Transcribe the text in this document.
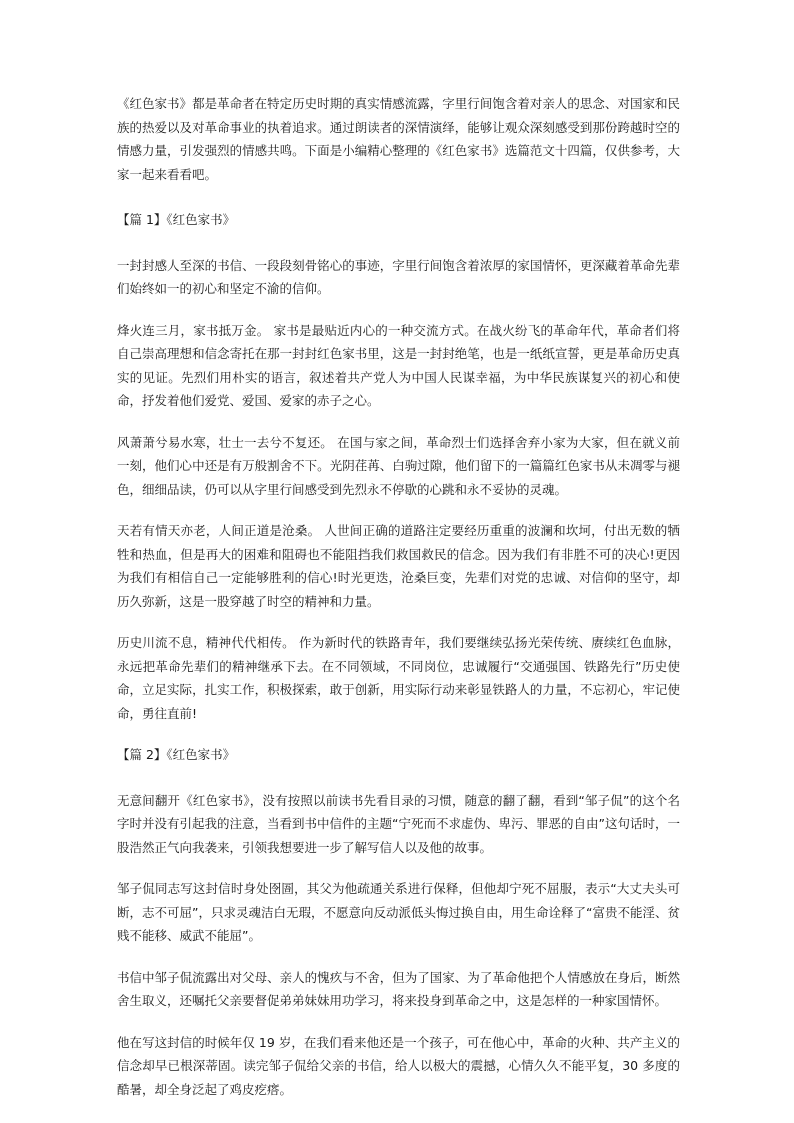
《红色家书》都是革命者在特定历史时期的真实情感流露，字里行间饱含着对亲人的思念、对国家和民族的热爱以及对革命事业的执着追求。通过朗读者的深情演绎，能够让观众深刻感受到那份跨越时空的情感力量，引发强烈的情感共鸣。下面是小编精心整理的《红色家书》选篇范文十四篇，仅供参考，大家一起来看看吧。

【篇 1】《红色家书》

一封封感人至深的书信、一段段刻骨铭心的事迹，字里行间饱含着浓厚的家国情怀，更深藏着革命先辈们始终如一的初心和坚定不渝的信仰。

烽火连三月，家书抵万金。 家书是最贴近内心的一种交流方式。在战火纷飞的革命年代，革命者们将自己崇高理想和信念寄托在那一封封红色家书里，这是一封封绝笔，也是一纸纸宣誓，更是革命历史真实的见证。先烈们用朴实的语言，叙述着共产党人为中国人民谋幸福，为中华民族谋复兴的初心和使命，抒发着他们爱党、爱国、爱家的赤子之心。

风萧萧兮易水寒，壮士一去兮不复还。 在国与家之间，革命烈士们选择舍弃小家为大家，但在就义前一刻，他们心中还是有万般割舍不下。光阴荏苒、白驹过隙，他们留下的一篇篇红色家书从未凋零与褪色，细细品读，仍可以从字里行间感受到先烈永不停歇的心跳和永不妥协的灵魂。

天若有情天亦老，人间正道是沧桑。 人世间正确的道路注定要经历重重的波澜和坎坷，付出无数的牺牲和热血，但是再大的困难和阻碍也不能阻挡我们救国救民的信念。因为我们有非胜不可的决心!更因为我们有相信自己一定能够胜利的信心!时光更迭，沧桑巨变，先辈们对党的忠诚、对信仰的坚守，却历久弥新，这是一股穿越了时空的精神和力量。

历史川流不息，精神代代相传。 作为新时代的铁路青年，我们要继续弘扬光荣传统、赓续红色血脉，永远把革命先辈们的精神继承下去。在不同领域，不同岗位，忠诚履行“交通强国、铁路先行”历史使命，立足实际，扎实工作，积极探索，敢于创新，用实际行动来彰显铁路人的力量，不忘初心，牢记使命，勇往直前!

【篇 2】《红色家书》

无意间翻开《红色家书》，没有按照以前读书先看目录的习惯，随意的翻了翻，看到“邹子侃”的这个名字时并没有引起我的注意，当看到书中信件的主题“宁死而不求虚伪、卑污、罪恶的自由”这句话时，一股浩然正气向我袭来，引领我想要进一步了解写信人以及他的故事。

邹子侃同志写这封信时身处囹圄，其父为他疏通关系进行保释，但他却宁死不屈服，表示“大丈夫头可断，志不可屈”，只求灵魂洁白无瑕，不愿意向反动派低头悔过换自由，用生命诠释了“富贵不能淫、贫贱不能移、威武不能屈”。

书信中邹子侃流露出对父母、亲人的愧疚与不舍，但为了国家、为了革命他把个人情感放在身后，断然舍生取义，还嘱托父亲要督促弟弟妹妹用功学习，将来投身到革命之中，这是怎样的一种家国情怀。

他在写这封信的时候年仅 19 岁，在我们看来他还是一个孩子，可在他心中，革命的火种、共产主义的信念却早已根深蒂固。读完邹子侃给父亲的书信，给人以极大的震撼，心情久久不能平复，30 多度的酷暑，却全身泛起了鸡皮疙瘩。
